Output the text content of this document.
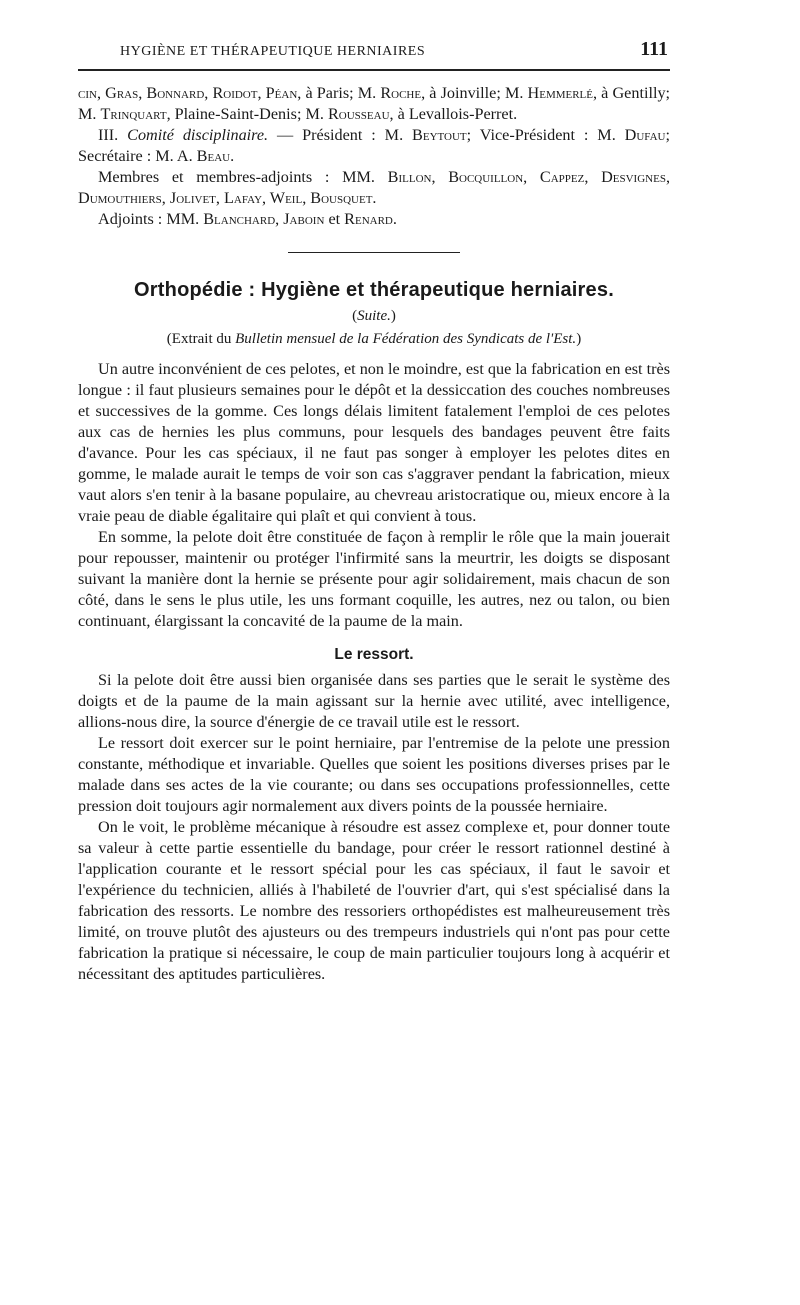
HYGIÈNE ET THÉRAPEUTIQUE HERNIAIRES	111

cin, Gras, Bonnard, Roidot, Péan, à Paris; M. Roche, à Joinville; M. Hemmerlé, à Gentilly; M. Trinquart, Plaine-Saint-Denis; M. Rousseau, à Levallois-Perret.

III. Comité disciplinaire. — Président : M. Beytout; Vice-Président : M. Dufau; Secrétaire : M. A. Beau.

Membres et membres-adjoints : MM. Billon, Bocquillon, Cappez, Desvignes, Dumouthiers, Jolivet, Lafay, Weil, Bousquet.

Adjoints : MM. Blanchard, Jaboin et Renard.

Orthopédie : Hygiène et thérapeutique herniaires.
(Suite.)
(Extrait du Bulletin mensuel de la Fédération des Syndicats de l'Est.)

Un autre inconvénient de ces pelotes, et non le moindre, est que la fabrication en est très longue : il faut plusieurs semaines pour le dépôt et la dessiccation des couches nombreuses et successives de la gomme. Ces longs délais limitent fatalement l'emploi de ces pelotes aux cas de hernies les plus communs, pour lesquels des bandages peuvent être faits d'avance. Pour les cas spéciaux, il ne faut pas songer à employer les pelotes dites en gomme, le malade aurait le temps de voir son cas s'aggraver pendant la fabrication, mieux vaut alors s'en tenir à la basane populaire, au chevreau aristocratique ou, mieux encore à la vraie peau de diable égalitaire qui plaît et qui convient à tous.

En somme, la pelote doit être constituée de façon à remplir le rôle que la main jouerait pour repousser, maintenir ou protéger l'infirmité sans la meurtrir, les doigts se disposant suivant la manière dont la hernie se présente pour agir solidairement, mais chacun de son côté, dans le sens le plus utile, les uns formant coquille, les autres, nez ou talon, ou bien continuant, élargissant la concavité de la paume de la main.

Le ressort.

Si la pelote doit être aussi bien organisée dans ses parties que le serait le système des doigts et de la paume de la main agissant sur la hernie avec utilité, avec intelligence, allions-nous dire, la source d'énergie de ce travail utile est le ressort.

Le ressort doit exercer sur le point herniaire, par l'entremise de la pelote une pression constante, méthodique et invariable. Quelles que soient les positions diverses prises par le malade dans ses actes de la vie courante; ou dans ses occupations professionnelles, cette pression doit toujours agir normalement aux divers points de la poussée herniaire.

On le voit, le problème mécanique à résoudre est assez complexe et, pour donner toute sa valeur à cette partie essentielle du bandage, pour créer le ressort rationnel destiné à l'application courante et le ressort spécial pour les cas spéciaux, il faut le savoir et l'expérience du technicien, alliés à l'habileté de l'ouvrier d'art, qui s'est spécialisé dans la fabrication des ressorts. Le nombre des ressoriers orthopédistes est malheureusement très limité, on trouve plutôt des ajusteurs ou des trempeurs industriels qui n'ont pas pour cette fabrication la pratique si nécessaire, le coup de main particulier toujours long à acquérir et nécessitant des aptitudes particulières.
